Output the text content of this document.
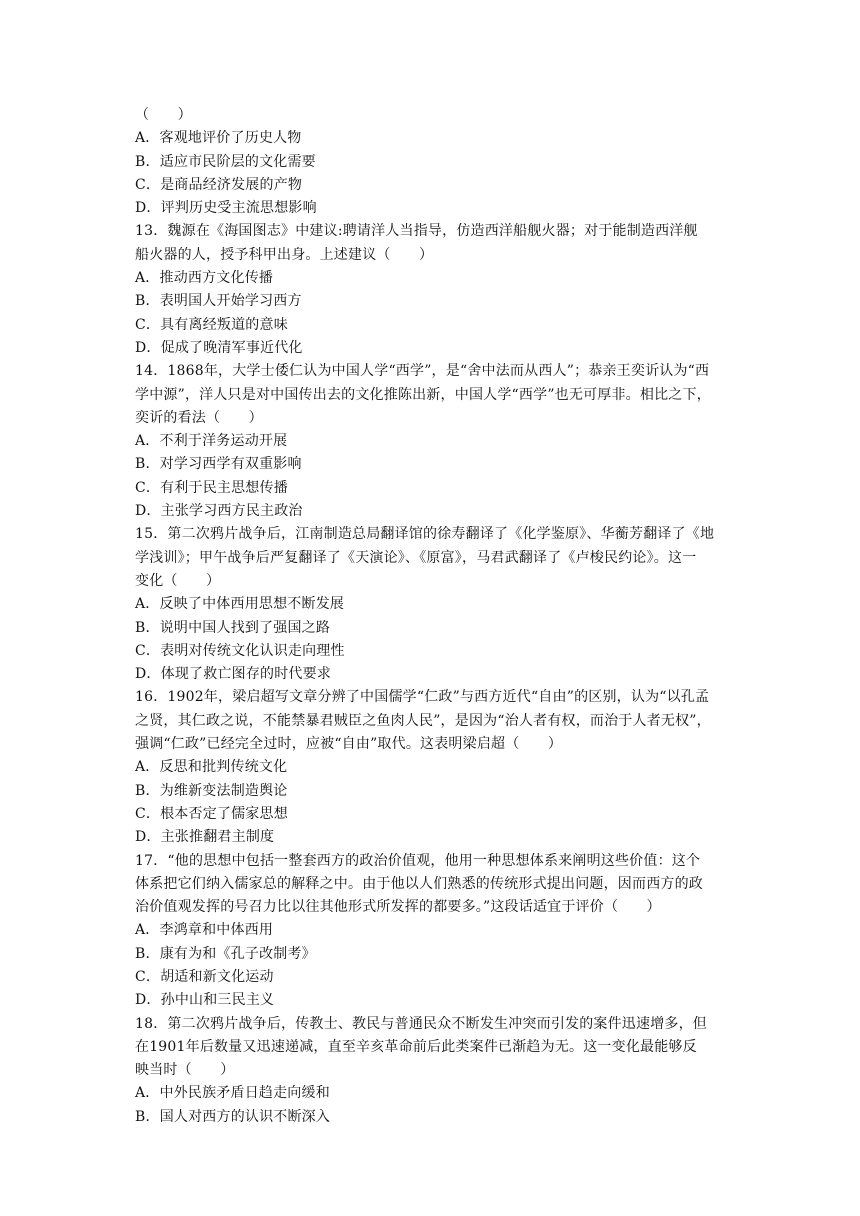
（　　）
A．客观地评价了历史人物
B．适应市民阶层的文化需要
C．是商品经济发展的产物
D．评判历史受主流思想影响
13．魏源在《海国图志》中建议:聘请洋人当指导，仿造西洋船舰火器；对于能制造西洋舰
船火器的人，授予科甲出身。上述建议（　　）
A．推动西方文化传播
B．表明国人开始学习西方
C．具有离经叛道的意味
D．促成了晚清军事近代化
14．1868年，大学士倭仁认为中国人学“西学”，是“舍中法而从西人”；恭亲王奕䜣认为“西
学中源”，洋人只是对中国传出去的文化推陈出新，中国人学“西学”也无可厚非。相比之下，
奕䜣的看法（　　）
A．不利于洋务运动开展
B．对学习西学有双重影响
C．有利于民主思想传播
D．主张学习西方民主政治
15．第二次鸦片战争后，江南制造总局翻译馆的徐寿翻译了《化学鉴原》、华蘅芳翻译了《地
学浅训》；甲午战争后严复翻译了《天演论》、《原富》，马君武翻译了《卢梭民约论》。这一
变化（　　）
A．反映了中体西用思想不断发展
B．说明中国人找到了强国之路
C．表明对传统文化认识走向理性
D．体现了救亡图存的时代要求
16．1902年，梁启超写文章分辨了中国儒学“仁政”与西方近代“自由”的区别，认为“以孔孟
之贤，其仁政之说，不能禁暴君贼臣之鱼肉人民”，是因为“治人者有权，而治于人者无权”，
强调“仁政”已经完全过时，应被“自由”取代。这表明梁启超（　　）
A．反思和批判传统文化
B．为维新变法制造舆论
C．根本否定了儒家思想
D．主张推翻君主制度
17．“他的思想中包括一整套西方的政治价值观，他用一种思想体系来阐明这些价值：这个
体系把它们纳入儒家总的解释之中。由于他以人们熟悉的传统形式提出问题，因而西方的政
治价值观发挥的号召力比以往其他形式所发挥的都要多。”这段话适宜于评价（　　）
A．李鸿章和中体西用
B．康有为和《孔子改制考》
C．胡适和新文化运动
D．孙中山和三民主义
18．第二次鸦片战争后，传教士、教民与普通民众不断发生冲突而引发的案件迅速增多，但
在1901年后数量又迅速递减，直至辛亥革命前后此类案件已渐趋为无。这一变化最能够反
映当时（　　）
A．中外民族矛盾日趋走向缓和
B．国人对西方的认识不断深入
